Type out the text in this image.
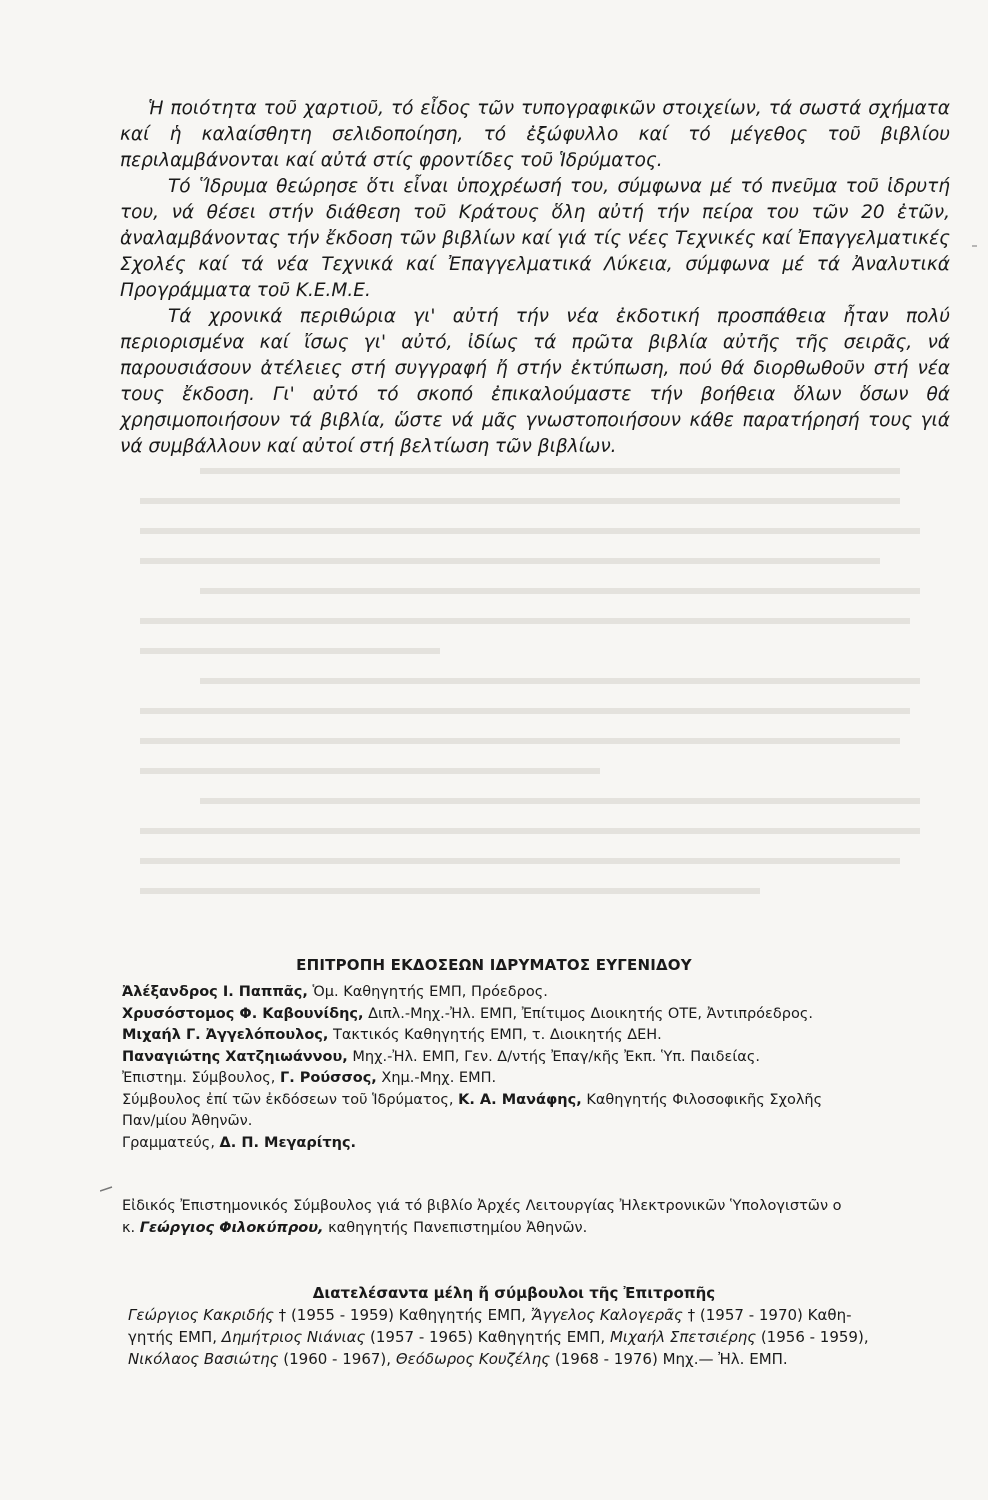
Ἡ ποιότητα τοῦ χαρτιοῦ, τό εἶδος τῶν τυπογραφικῶν στοιχείων, τά σωστά σχήματα καί ἡ καλαίσθητη σελιδοποίηση, τό ἐξώφυλλο καί τό μέγεθος τοῦ βιβλίου περιλαμβάνονται καί αὐτά στίς φροντίδες τοῦ Ἱδρύματος.

Τό Ἵδρυμα θεώρησε ὅτι εἶναι ὑποχρέωσή του, σύμφωνα μέ τό πνεῦμα τοῦ ἱδρυτή του, νά θέσει στήν διάθεση τοῦ Κράτους ὅλη αὐτή τήν πείρα του τῶν 20 ἐτῶν, ἀναλαμβάνοντας τήν ἔκδοση τῶν βιβλίων καί γιά τίς νέες Τεχνικές καί Ἐπαγγελματικές Σχολές καί τά νέα Τεχνικά καί Ἐπαγγελματικά Λύκεια, σύμφωνα μέ τά Ἀναλυτικά Προγράμματα τοῦ Κ.Ε.Μ.Ε.

Τά χρονικά περιθώρια γι' αὐτή τήν νέα ἐκδοτική προσπάθεια ἦταν πολύ περιορισμένα καί ἴσως γι' αὐτό, ἰδίως τά πρῶτα βιβλία αὐτῆς τῆς σειρᾶς, νά παρουσιάσουν ἀτέλειες στή συγγραφή ἤ στήν ἐκτύπωση, πού θά διορθωθοῦν στή νέα τους ἔκδοση. Γι' αὐτό τό σκοπό ἐπικαλούμαστε τήν βοήθεια ὅλων ὅσων θά χρησιμοποιήσουν τά βιβλία, ὥστε νά μᾶς γνωστοποιήσουν κάθε παρατήρησή τους γιά νά συμβάλλουν καί αὐτοί στή βελτίωση τῶν βιβλίων.

ΕΠΙΤΡΟΠΗ ΕΚΔΟΣΕΩΝ ΙΔΡΥΜΑΤΟΣ ΕΥΓΕΝΙΔΟΥ

Ἀλέξανδρος Ι. Παππᾶς, Ὁμ. Καθηγητής ΕΜΠ, Πρόεδρος.

Χρυσόστομος Φ. Καβουνίδης, Διπλ.-Μηχ.-Ἠλ. ΕΜΠ, Ἐπίτιμος Διοικητής ΟΤΕ, Ἀντιπρόεδρος.

Μιχαήλ Γ. Ἀγγελόπουλος, Τακτικός Καθηγητής ΕΜΠ, τ. Διοικητής ΔΕΗ.

Παναγιώτης Χατζηιωάννου, Μηχ.-Ἠλ. ΕΜΠ, Γεν. Δ/ντής Ἐπαγ/κῆς Ἐκπ. Ὑπ. Παιδείας.

Ἐπιστημ. Σύμβουλος, Γ. Ρούσσος, Χημ.-Μηχ. ΕΜΠ.

Σύμβουλος ἐπί τῶν ἐκδόσεων τοῦ Ἱδρύματος, Κ. Α. Μανάφης, Καθηγητής Φιλοσοφικῆς Σχολῆς

Παν/μίου Ἀθηνῶν.

Γραμματεύς, Δ. Π. Μεγαρίτης.

Εἰδικός Ἐπιστημονικός Σύμβουλος γιά τό βιβλίο Ἀρχές Λειτουργίας Ἠλεκτρονικῶν Ὑπολογιστῶν ο

κ. Γεώργιος Φιλοκύπρου, καθηγητής Πανεπιστημίου Ἀθηνῶν.

Διατελέσαντα μέλη ἤ σύμβουλοι τῆς Ἐπιτροπῆς

Γεώργιος Κακριδής † (1955 - 1959) Καθηγητής ΕΜΠ, Ἄγγελος Καλογερᾶς † (1957 - 1970) Καθη-

γητής ΕΜΠ, Δημήτριος Νιάνιας (1957 - 1965) Καθηγητής ΕΜΠ, Μιχαήλ Σπετσιέρης (1956 - 1959),

Νικόλαος Βασιώτης (1960 - 1967), Θεόδωρος Κουζέλης (1968 - 1976) Μηχ.— Ἠλ. ΕΜΠ.
